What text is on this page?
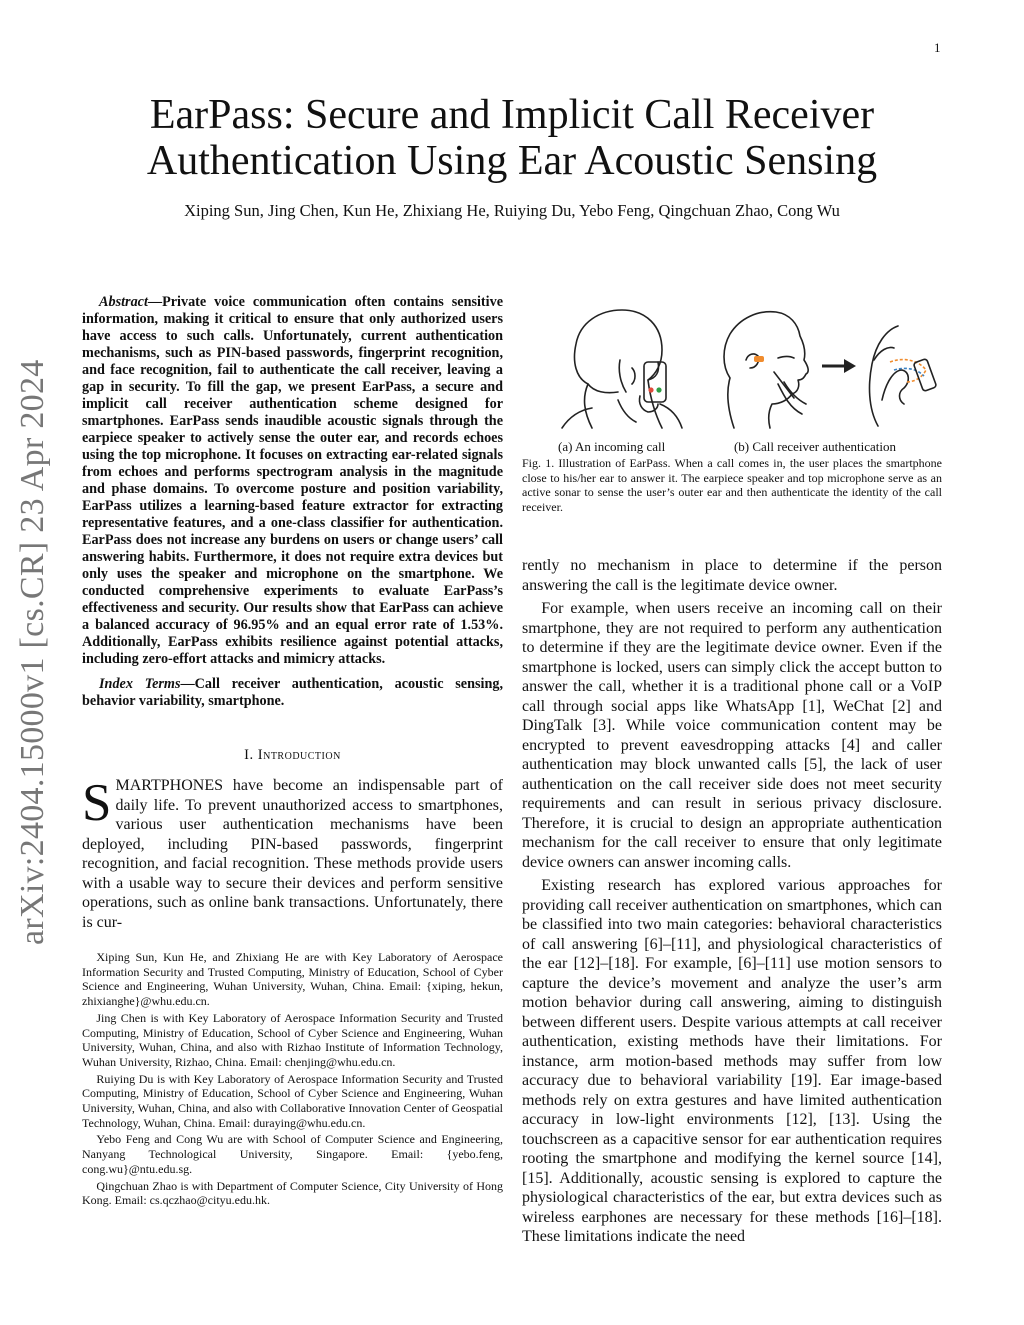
1
arXiv:2404.15000v1 [cs.CR] 23 Apr 2024
EarPass: Secure and Implicit Call Receiver Authentication Using Ear Acoustic Sensing
Xiping Sun, Jing Chen, Kun He, Zhixiang He, Ruiying Du, Yebo Feng, Qingchuan Zhao, Cong Wu
Abstract—Private voice communication often contains sensitive information, making it critical to ensure that only authorized users have access to such calls. Unfortunately, current authentication mechanisms, such as PIN-based passwords, fingerprint recognition, and face recognition, fail to authenticate the call receiver, leaving a gap in security. To fill the gap, we present EarPass, a secure and implicit call receiver authentication scheme designed for smartphones. EarPass sends inaudible acoustic signals through the earpiece speaker to actively sense the outer ear, and records echoes using the top microphone. It focuses on extracting ear-related signals from echoes and performs spectrogram analysis in the magnitude and phase domains. To overcome posture and position variability, EarPass utilizes a learning-based feature extractor for extracting representative features, and a one-class classifier for authentication. EarPass does not increase any burdens on users or change users’ call answering habits. Furthermore, it does not require extra devices but only uses the speaker and microphone on the smartphone. We conducted comprehensive experiments to evaluate EarPass’s effectiveness and security. Our results show that EarPass can achieve a balanced accuracy of 96.95% and an equal error rate of 1.53%. Additionally, EarPass exhibits resilience against potential attacks, including zero-effort attacks and mimicry attacks.
Index Terms—Call receiver authentication, acoustic sensing, behavior variability, smartphone.
I. Introduction
SMARTPHONES have become an indispensable part of daily life. To prevent unauthorized access to smartphones, various user authentication mechanisms have been deployed, including PIN-based passwords, fingerprint recognition, and facial recognition. These methods provide users with a usable way to secure their devices and perform sensitive operations, such as online bank transactions. Unfortunately, there is cur-

Xiping Sun, Kun He, and Zhixiang He are with Key Laboratory of Aerospace Information Security and Trusted Computing, Ministry of Education, School of Cyber Science and Engineering, Wuhan University, Wuhan, China. Email: {xiping, hekun, zhixianghe}@whu.edu.cn.

Jing Chen is with Key Laboratory of Aerospace Information Security and Trusted Computing, Ministry of Education, School of Cyber Science and Engineering, Wuhan University, Wuhan, China, and also with Rizhao Institute of Information Technology, Wuhan University, Rizhao, China. Email: chenjing@whu.edu.cn.

Ruiying Du is with Key Laboratory of Aerospace Information Security and Trusted Computing, Ministry of Education, School of Cyber Science and Engineering, Wuhan University, Wuhan, China, and also with Collaborative Innovation Center of Geospatial Technology, Wuhan, China. Email: duraying@whu.edu.cn.

Yebo Feng and Cong Wu are with School of Computer Science and Engineering, Nanyang Technological University, Singapore. Email: {yebo.feng, cong.wu}@ntu.edu.sg.

Qingchuan Zhao is with Department of Computer Science, City University of Hong Kong. Email: cs.qczhao@cityu.edu.hk.

(a) An incoming call	(b) Call receiver authentication
Fig. 1. Illustration of EarPass. When a call comes in, the user places the smartphone close to his/her ear to answer it. The earpiece speaker and top microphone serve as an active sonar to sense the user’s outer ear and then authenticate the identity of the call receiver.

rently no mechanism in place to determine if the person answering the call is the legitimate device owner.

For example, when users receive an incoming call on their smartphone, they are not required to perform any authentication to determine if they are the legitimate device owner. Even if the smartphone is locked, users can simply click the accept button to answer the call, whether it is a traditional phone call or a VoIP call through social apps like WhatsApp [1], WeChat [2] and DingTalk [3]. While voice communication content may be encrypted to prevent eavesdropping attacks [4] and caller authentication may block unwanted calls [5], the lack of user authentication on the call receiver side does not meet security requirements and can result in serious privacy disclosure. Therefore, it is crucial to design an appropriate authentication mechanism for the call receiver to ensure that only legitimate device owners can answer incoming calls.

Existing research has explored various approaches for providing call receiver authentication on smartphones, which can be classified into two main categories: behavioral characteristics of call answering [6]–[11], and physiological characteristics of the ear [12]–[18]. For example, [6]–[11] use motion sensors to capture the device’s movement and analyze the user’s arm motion behavior during call answering, aiming to distinguish between different users. Despite various attempts at call receiver authentication, existing methods have their limitations. For instance, arm motion-based methods may suffer from low accuracy due to behavioral variability [19]. Ear image-based methods rely on extra gestures and have limited authentication accuracy in low-light environments [12], [13]. Using the touchscreen as a capacitive sensor for ear authentication requires rooting the smartphone and modifying the kernel source [14], [15]. Additionally, acoustic sensing is explored to capture the physiological characteristics of the ear, but extra devices such as wireless earphones are necessary for these methods [16]–[18]. These limitations indicate the need
